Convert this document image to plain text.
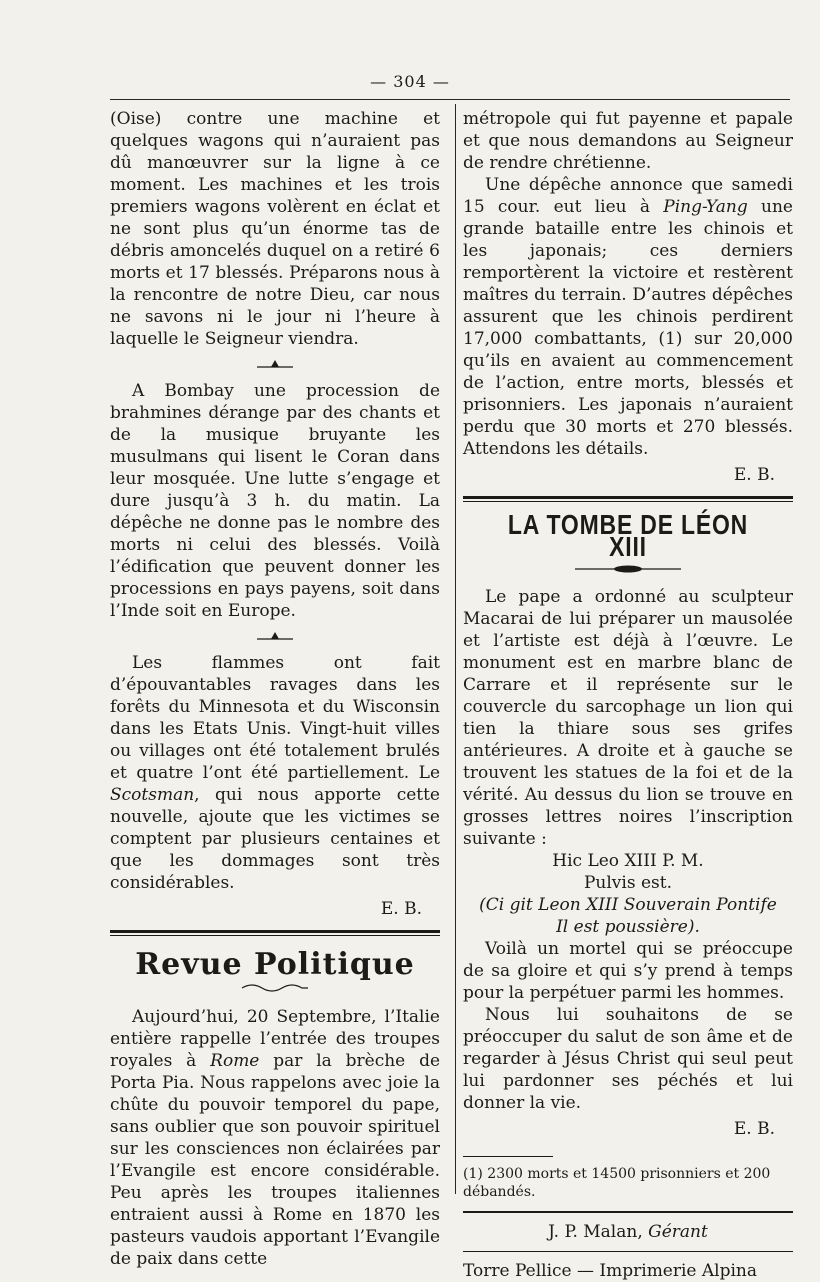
— 304 —

(Oise) contre une machine et quelques wagons qui n’auraient pas dû manœuvrer sur la ligne à ce moment. Les machines et les trois premiers wagons volèrent en éclat et ne sont plus qu’un énorme tas de débris amoncelés duquel on a retiré 6 morts et 17 blessés. Préparons nous à la rencontre de notre Dieu, car nous ne savons ni le jour ni l’heure à laquelle le Seigneur viendra.

A Bombay une procession de brahmines dérange par des chants et de la musique bruyante les musulmans qui lisent le Coran dans leur mosquée. Une lutte s’engage et dure jusqu’à 3 h. du matin. La dépêche ne donne pas le nombre des morts ni celui des blessés. Voilà l’édification que peuvent donner les processions en pays payens, soit dans l’Inde soit en Europe.

Les flammes ont fait d’épouvantables ravages dans les forêts du Minnesota et du Wisconsin dans les Etats Unis. Vingt-huit villes ou villages ont été totalement brulés et quatre l’ont été partiellement. Le Scotsman, qui nous apporte cette nouvelle, ajoute que les victimes se comptent par plusieurs centaines et que les dommages sont très considérables.

E. B.
Revue Politique

Aujourd’hui, 20 Septembre, l’Italie entière rappelle l’entrée des troupes royales à Rome par la brèche de Porta Pia. Nous rappelons avec joie la chûte du pouvoir temporel du pape, sans oublier que son pouvoir spirituel sur les consciences non éclairées par l’Evangile est encore considérable. Peu après les troupes italiennes entraient aussi à Rome en 1870 les pasteurs vaudois apportant l’Evangile de paix dans cette

métropole qui fut payenne et papale et que nous demandons au Seigneur de rendre chrétienne.

Une dépêche annonce que samedi 15 cour. eut lieu à Ping-Yang une grande bataille entre les chinois et les japonais; ces derniers remportèrent la victoire et restèrent maîtres du terrain. D’autres dépêches assurent que les chinois perdirent 17,000 combattants, (1) sur 20,000 qu’ils en avaient au commencement de l’action, entre morts, blessés et prisonniers. Les japonais n’auraient perdu que 30 morts et 270 blessés. Attendons les détails.

E. B.
LA TOMBE DE LÉON XIII

Le pape a ordonné au sculpteur Macarai de lui préparer un mausolée et l’artiste est déjà à l’œuvre. Le monument est en marbre blanc de Carrare et il représente sur le couvercle du sarcophage un lion qui tien la thiare sous ses grifes antérieures. A droite et à gauche se trouvent les statues de la foi et de la vérité. Au dessus du lion se trouve en grosses lettres noires l’inscription suivante :

Hic Leo XIII P. M.
Pulvis est.
(Ci git Leon XIII Souverain Pontife
Il est poussière).

Voilà un mortel qui se préoccupe de sa gloire et qui s’y prend à temps pour la perpétuer parmi les hommes.

Nous lui souhaitons de se préoccuper du salut de son âme et de regarder à Jésus Christ qui seul peut lui pardonner ses péchés et lui donner la vie.

E. B.
(1) 2300 morts et 14500 prisonniers et 200 débandés.
J. P. Malan, Gérant
Torre Pellice — Imprimerie Alpina
